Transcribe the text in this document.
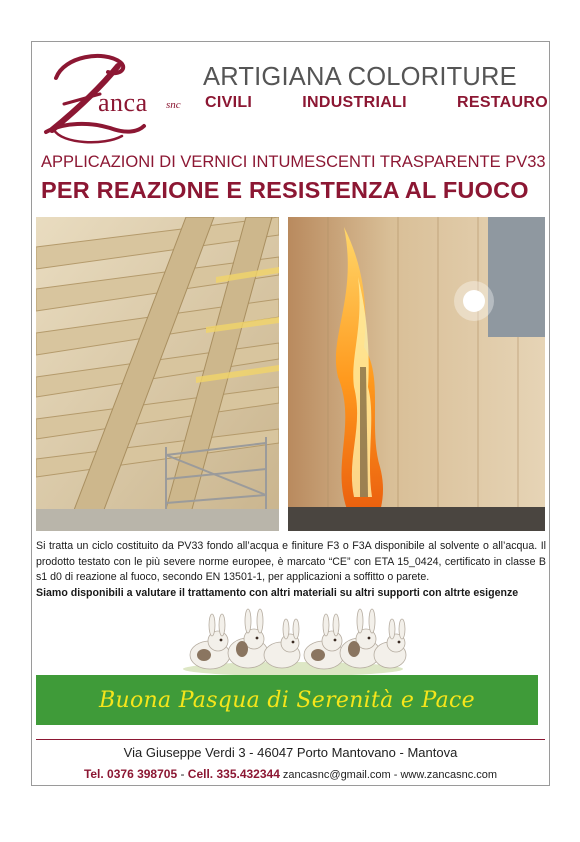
anca snc
ARTIGIANA COLORITURE
CIVILI	INDUSTRIALI	RESTAURO
APPLICAZIONI DI VERNICI INTUMESCENTI TRASPARENTE PV33
PER REAZIONE E RESISTENZA AL FUOCO

Si tratta un ciclo costituito da PV33 fondo all’acqua e finiture F3 o F3A disponibile al solvente o all’acqua. Il prodotto testato con le più severe norme europee, è marcato “CE” con ETA 15_0424, certificato in classe B s1 d0 di reazione al fuoco, secondo EN 13501-1, per applicazioni a soffitto o parete.

Siamo disponibili a valutare il trattamento con altri materiali su altri supporti con altrte esigenze

Buona Pasqua di Serenità e Pace
Via Giuseppe Verdi 3 - 46047 Porto Mantovano - Mantova
Tel. 0376 398705 - Cell. 335.432344 zancasnc@gmail.com - www.zancasnc.com
